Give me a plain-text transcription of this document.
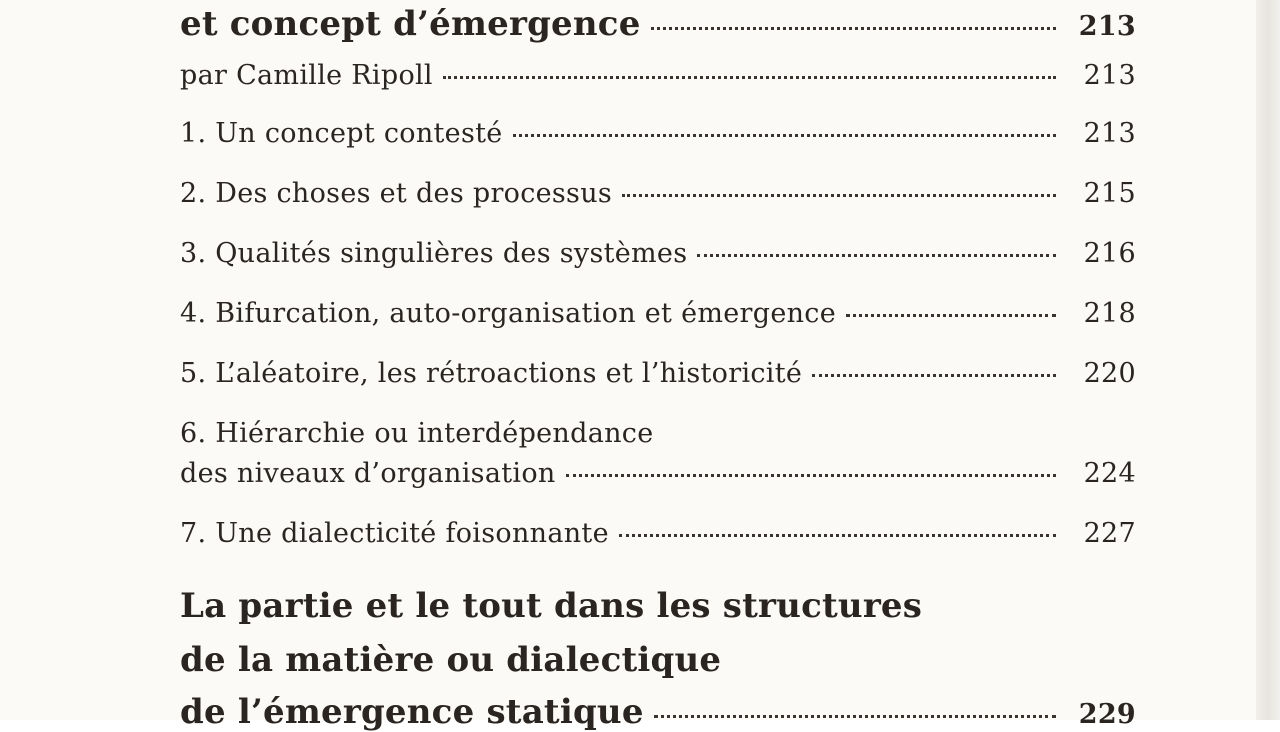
et concept d’émergence	213
par Camille Ripoll	213
1. Un concept contesté	213
2. Des choses et des processus	215
3. Qualités singulières des systèmes	216
4. Bifurcation, auto-organisation et émergence	218
5. L’aléatoire, les rétroactions et l’historicité	220
6. Hiérarchie ou interdépendance
des niveaux d’organisation	224
7. Une dialecticité foisonnante	227
La partie et le tout dans les structures
de la matière ou dialectique
de l’émergence statique	229
